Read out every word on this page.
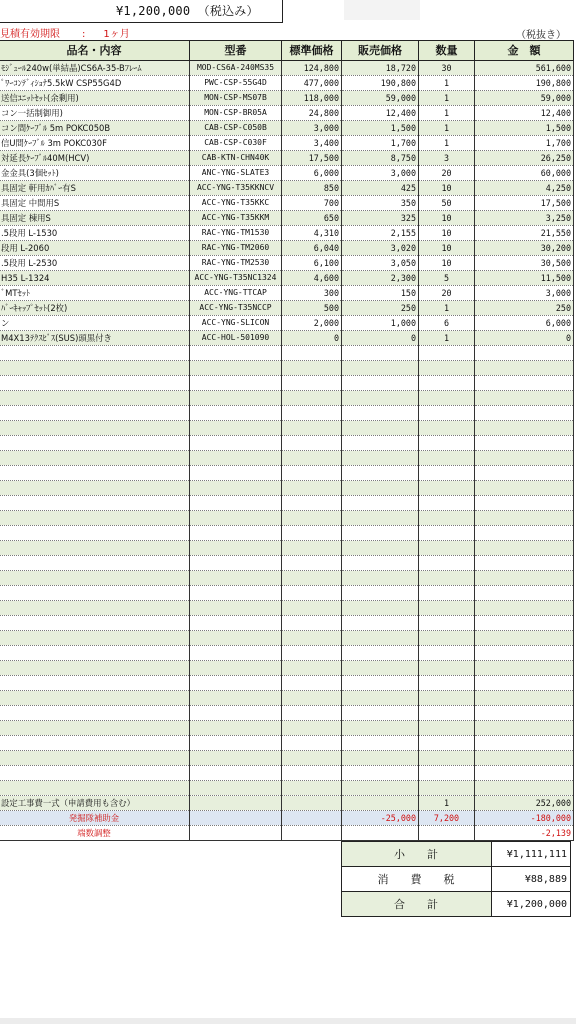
¥1,200,000 （税込み）
見積有効期限 : 1ヶ月	（税抜き）
品名・内容	型番	標準価格	販売価格	数量	金　額
ﾓｼﾞｭｰﾙ240w(単結晶)CS6A-35-Bﾌﾚｰﾑ	MOD-CS6A-240MS35	124,800	18,720	30	561,600
ﾟﾜｰｺﾝﾃﾞｨｼｮﾅ5.5kW CSP55G4D	PWC-CSP-55G4D	477,000	190,800	1	190,800
送信ﾕﾆｯﾄｾｯﾄ(余剰用)	MON-CSP-MS07B	118,000	59,000	1	59,000
コン一括制御用)	MON-CSP-BR05A	24,800	12,400	1	12,400
コン間ｹｰﾌﾞﾙ 5m POKC050B	CAB-CSP-C050B	3,000	1,500	1	1,500
信U間ｹｰﾌﾞﾙ 3m POKC030F	CAB-CSP-C030F	3,400	1,700	1	1,700
対延長ｹｰﾌﾞﾙ40M(HCV)	CAB-KTN-CHN40K	17,500	8,750	3	26,250
金金具(3個ｾｯﾄ)	ANC-YNG-SLATE3	6,000	3,000	20	60,000
具固定 軒用ｶﾊﾞｰ有S	ACC-YNG-T35KKNCV	850	425	10	4,250
具固定 中間用S	ACC-YNG-T35KKC	700	350	50	17,500
具固定 棟用S	ACC-YNG-T35KKM	650	325	10	3,250
.5段用 L-1530	RAC-YNG-TM1530	4,310	2,155	10	21,550
段用 L-2060	RAC-YNG-TM2060	6,040	3,020	10	30,200
.5段用 L-2530	RAC-YNG-TM2530	6,100	3,050	10	30,500
H35 L-1324	ACC-YNG-T35NC1324	4,600	2,300	5	11,500
ﾞMTｾｯﾄ	ACC-YNG-TTCAP	300	150	20	3,000
ﾊﾞｰｷｬｯﾌﾟｾｯﾄ(2枚)	ACC-YNG-T35NCCP	500	250	1	250
ン	ACC-YNG-SLICON	2,000	1,000	6	6,000
M4X13ﾃｸｽﾋﾞｽ(SUS)頭黒付き	ACC-HOL-501090	0	0	1	0

設定工事費一式（申請費用も含む）				1	252,000
発掘隊補助金			-25,000	7,200	-180,000
端数調整					-2,139
小計	¥1,111,111
消費税	¥88,889
合計	¥1,200,000
